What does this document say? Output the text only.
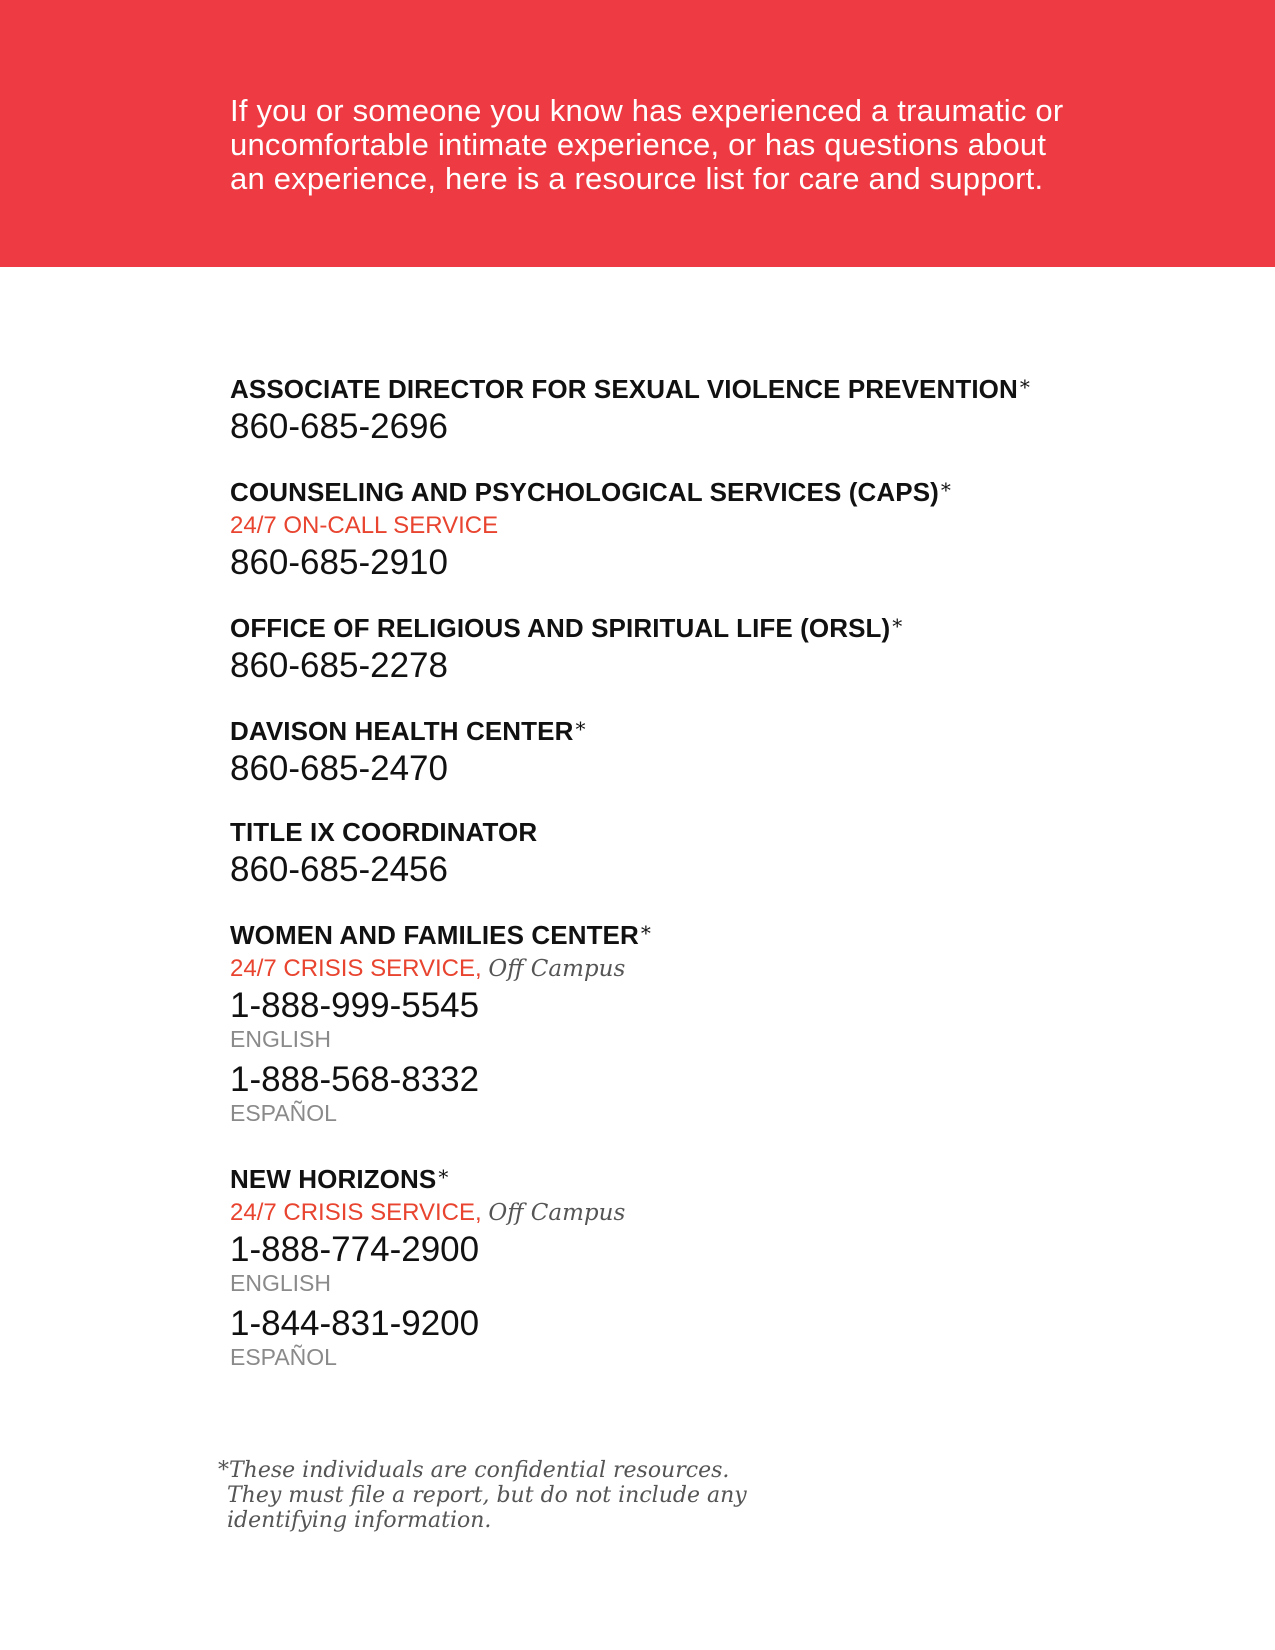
If you or someone you know has experienced a traumatic or
uncomfortable intimate experience, or has questions about
an experience, here is a resource list for care and support.
ASSOCIATE DIRECTOR FOR SEXUAL VIOLENCE PREVENTION *
860-685-2696
COUNSELING AND PSYCHOLOGICAL SERVICES (CAPS) *
24/7 ON-CALL SERVICE
860-685-2910
OFFICE OF RELIGIOUS AND SPIRITUAL LIFE (ORSL) *
860-685-2278
DAVISON HEALTH CENTER *
860-685-2470
TITLE IX COORDINATOR
860-685-2456
WOMEN AND FAMILIES CENTER *
24/7 CRISIS SERVICE, Off Campus
1-888-999-5545
ENGLISH
1-888-568-8332
ESPAÑOL
NEW HORIZONS *
24/7 CRISIS SERVICE, Off Campus
1-888-774-2900
ENGLISH
1-844-831-9200
ESPAÑOL
*These individuals are confidential resources.
They must file a report, but do not include any
identifying information.
